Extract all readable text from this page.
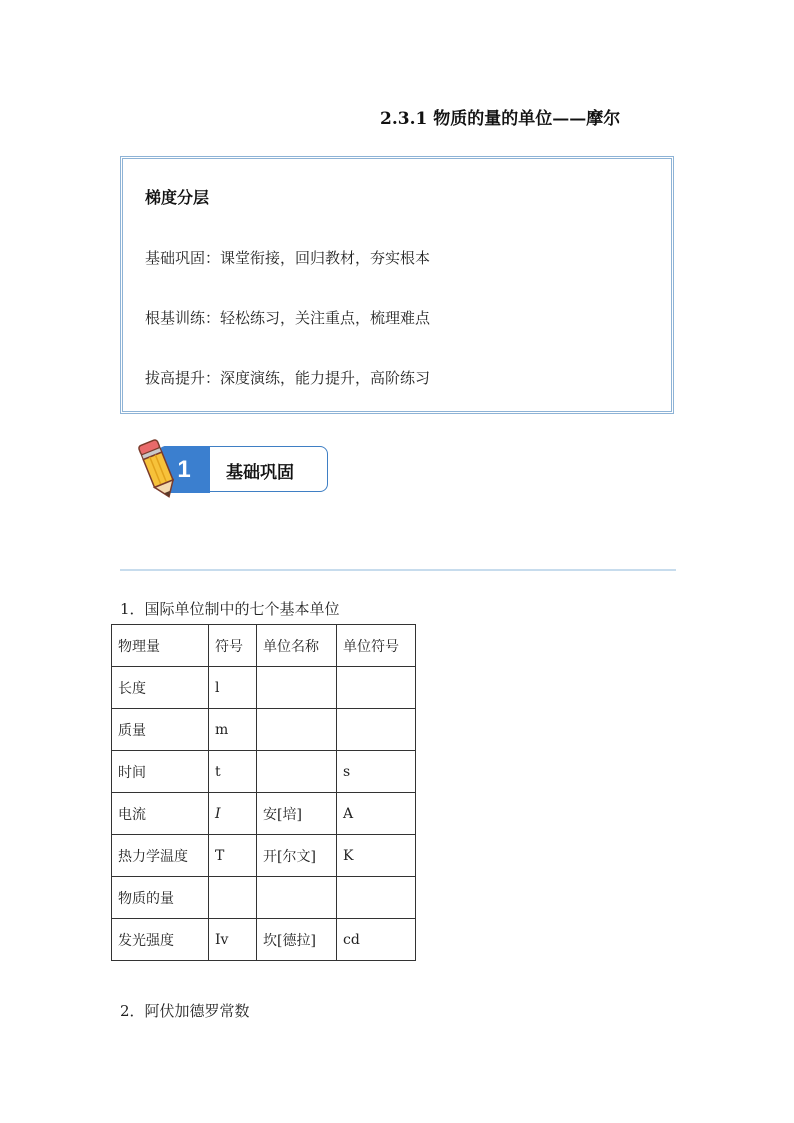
2.3.1 物质的量的单位——摩尔
梯度分层
基础巩固：课堂衔接，回归教材，夯实根本
根基训练：轻松练习，关注重点，梳理难点
拔高提升：深度演练，能力提升，高阶练习
1	基础巩固
1．国际单位制中的七个基本单位
物理量	符号	单位名称	单位符号
长度	l		
质量	m		
时间	t		s
电流	I	安[培]	A
热力学温度	T	开[尔文]	K
物质的量			
发光强度	Iv	坎[德拉]	cd
2．阿伏加德罗常数
